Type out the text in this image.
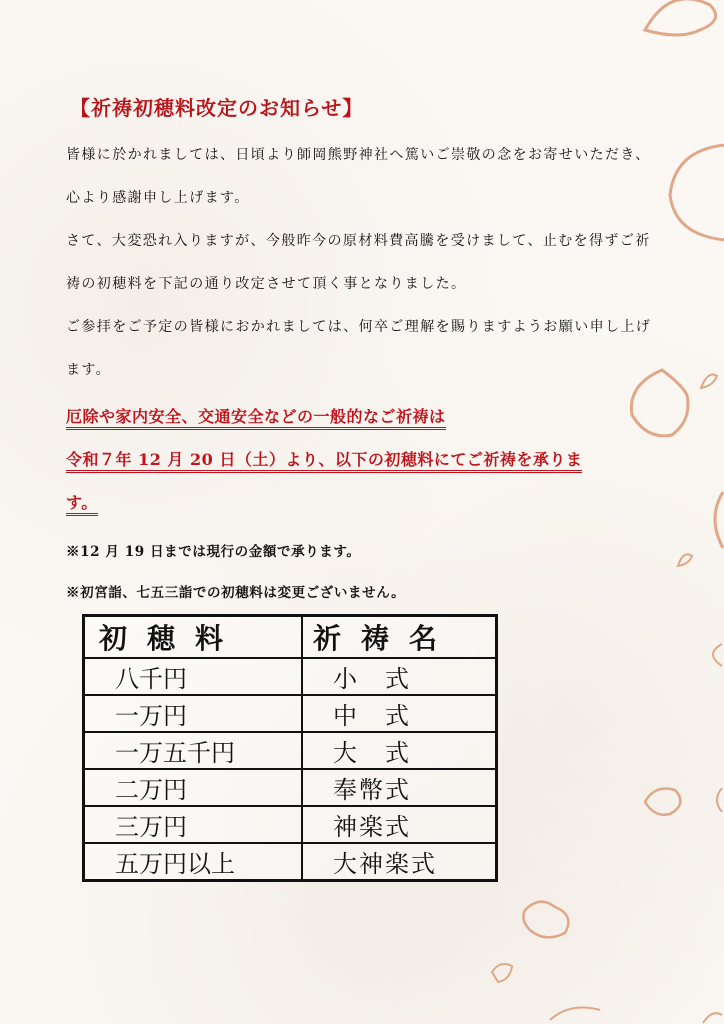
【祈祷初穂料改定のお知らせ】
皆様に於かれましては、日頃より師岡熊野神社へ篤いご崇敬の念をお寄せいただき、心より感謝申し上げます。
さて、大変恐れ入りますが、今般昨今の原材料費高騰を受けまして、止むを得ずご祈祷の初穂料を下記の通り改定させて頂く事となりました。
ご参拝をご予定の皆様におかれましては、何卒ご理解を賜りますようお願い申し上げます。
厄除や家内安全、交通安全などの一般的なご祈祷は
令和７年 12 月 20 日（土）より、以下の初穂料にてご祈祷を承りま
す。
※12 月 19 日までは現行の金額で承ります。
※初宮詣、七五三詣での初穂料は変更ございません。
初穂料	祈祷名
八千円	小　式
一万円	中　式
一万五千円	大　式
二万円	奉幣式
三万円	神楽式
五万円以上	大神楽式
